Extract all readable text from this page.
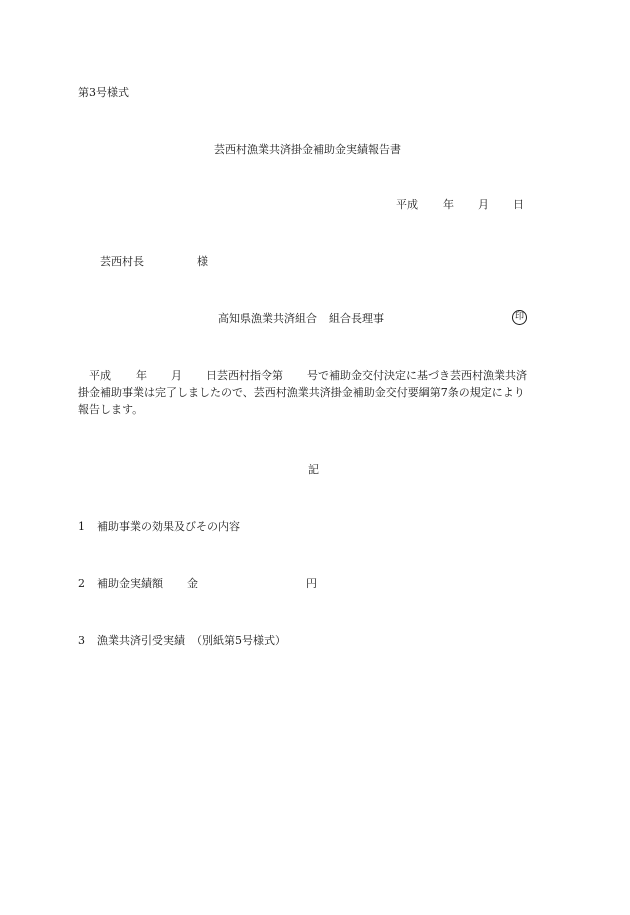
第3号様式
芸西村漁業共済掛金補助金実績報告書
平成 年 月 日
芸西村長	様
高知県漁業共済組合 組合長理事	印
平成 年 月 日芸西村指令第 号で補助金交付決定に基づき芸西村漁業共済
掛金補助事業は完了しましたので、芸西村漁業共済掛金補助金交付要綱第7条の規定により
報告します。
記
1 補助事業の効果及びその内容
2 補助金実績額 金	円
3 漁業共済引受実績 （別紙第5号様式）
